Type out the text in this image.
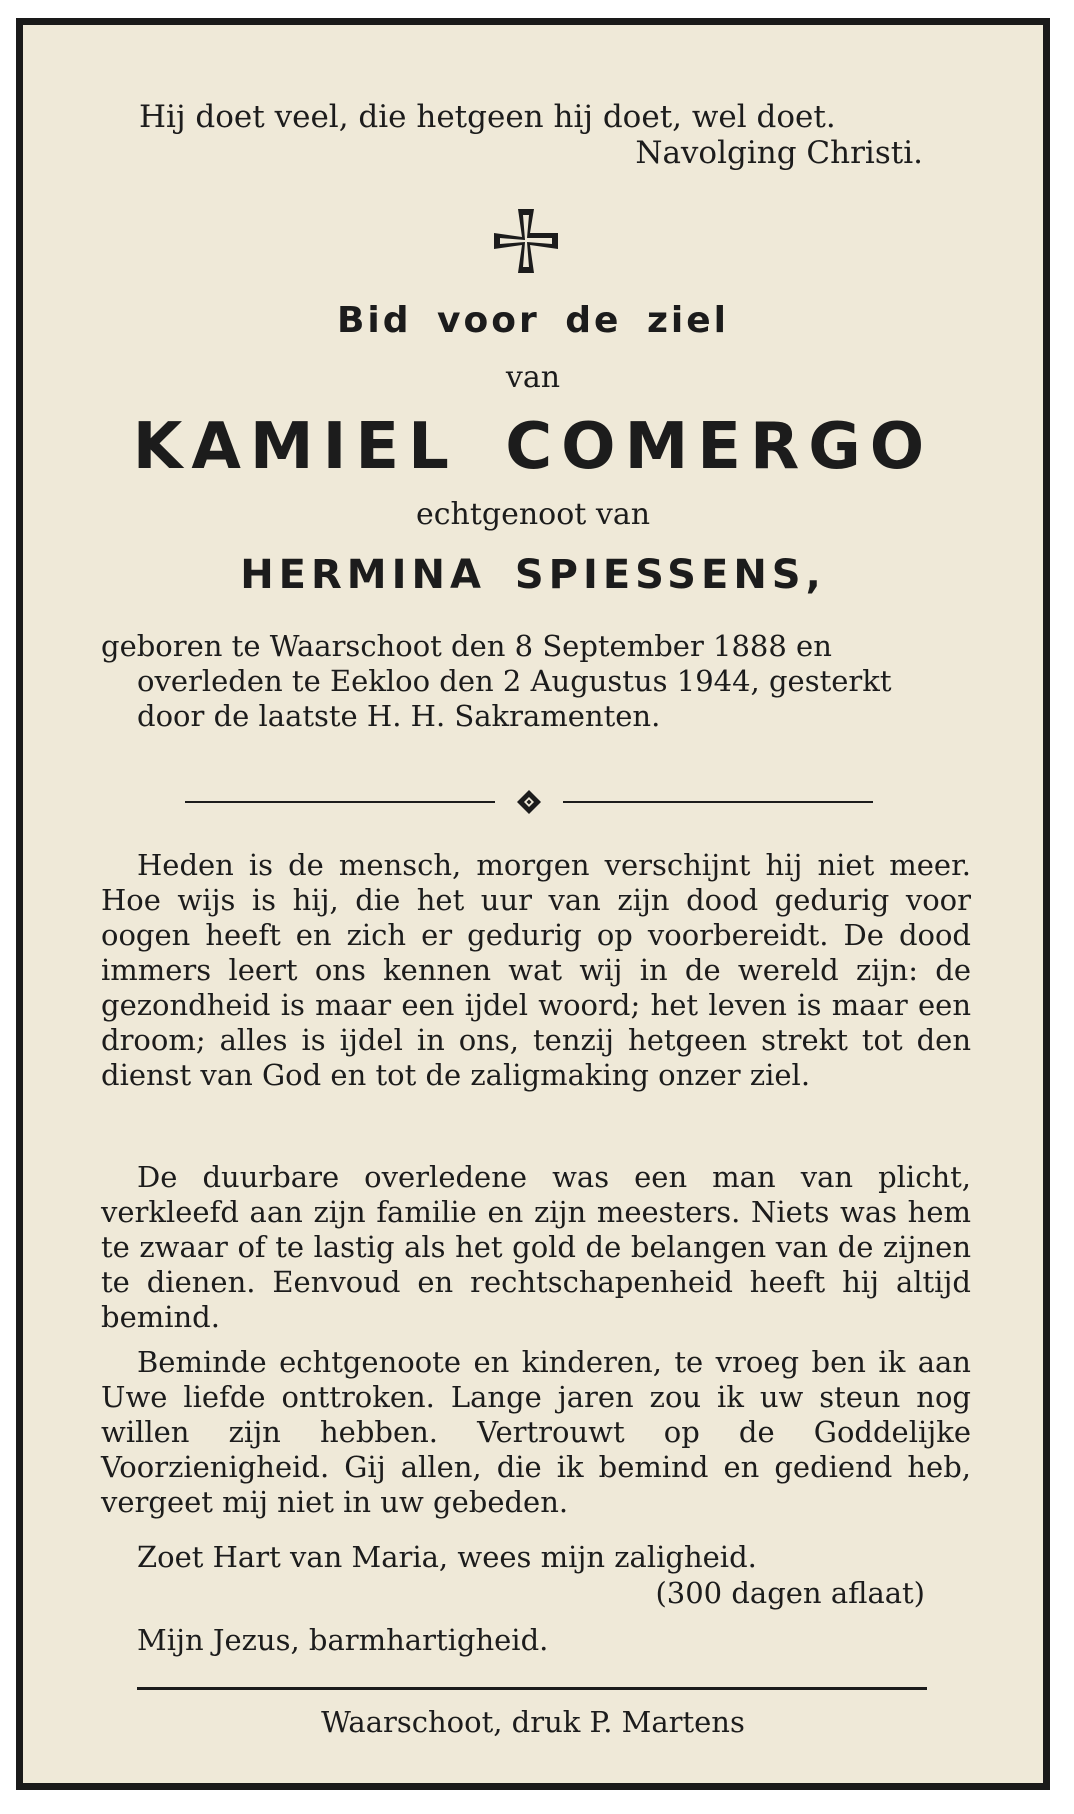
Hij doet veel, die hetgeen hij doet, wel doet.
Navolging Christi.
Bid voor de ziel
van
KAMIEL COMERGO
echtgenoot van
HERMINA SPIESSENS,

geboren te Waarschoot den 8 September 1888 en

overleden te Eekloo den 2 Augustus 1944, gesterkt

door de laatste H. H. Sakramenten.

Heden is de mensch, morgen verschijnt hij niet meer. Hoe wijs is hij, die het uur van zijn dood gedurig voor oogen heeft en zich er gedurig op voorbereidt. De dood immers leert ons kennen wat wij in de wereld zijn: de gezondheid is maar een ijdel woord; het leven is maar een droom; alles is ijdel in ons, tenzij hetgeen strekt tot den dienst van God en tot de zaligmaking onzer ziel.

De duurbare overledene was een man van plicht, verkleefd aan zijn familie en zijn meesters. Niets was hem te zwaar of te lastig als het gold de belangen van de zijnen te dienen. Eenvoud en rechtschapenheid heeft hij altijd bemind.

Beminde echtgenoote en kinderen, te vroeg ben ik aan Uwe liefde onttroken. Lange jaren zou ik uw steun nog willen zijn hebben. Vertrouwt op de Goddelijke Voorzienigheid. Gij allen, die ik bemind en gediend heb, vergeet mij niet in uw gebeden.

Zoet Hart van Maria, wees mijn zaligheid.
(300 dagen aflaat)
Mijn Jezus, barmhartigheid.
Waarschoot, druk P. Martens
